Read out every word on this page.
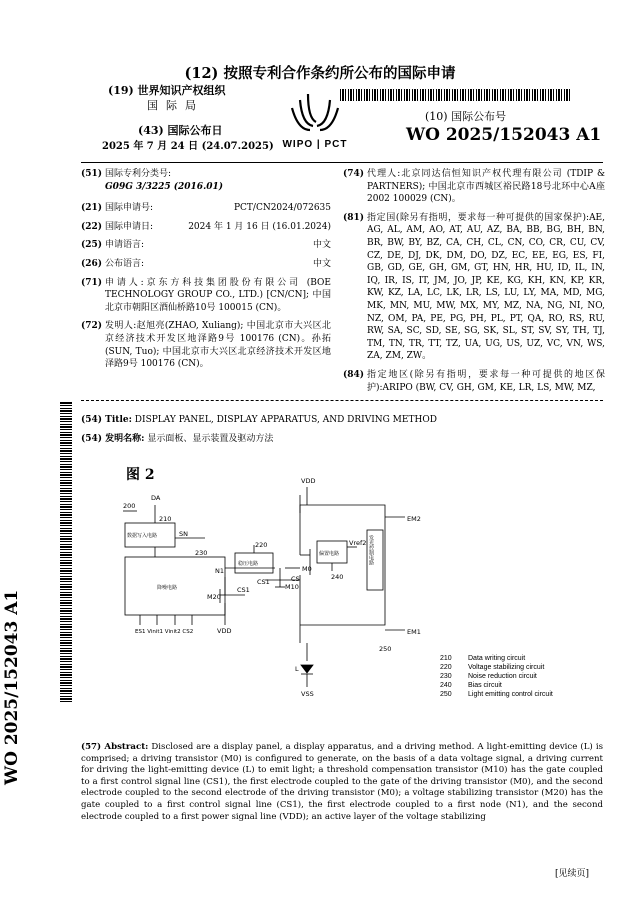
(12) 按照专利合作条约所公布的国际申请
(19) 世界知识产权组织
国际局
(43) 国际公布日
2025 年 7 月 24 日 (24.07.2025) WIPO | PCT
(10) 国际公布号
WO 2025/152043 A1
(51) 国际专利分类号:
G09G 3/3225 (2016.01)
(21) 国际申请号:	PCT/CN2024/072635
(22) 国际申请日:	2024 年 1 月 16 日 (16.01.2024)
(25) 申请语言:	中文
(26) 公布语言:	中文
(71) 申请人:京东方科技集团股份有限公司 (BOE TECHNOLOGY GROUP CO., LTD.) [CN/CN]; 中国北京市朝阳区酒仙桥路10号 100015 (CN)。
(72) 发明人:赵旭亮(ZHAO, Xuliang); 中国北京市大兴区北京经济技术开发区地泽路9号 100176 (CN)。孙拓(SUN, Tuo); 中国北京市大兴区北京经济技术开发区地泽路9号 100176 (CN)。
(74) 代理人:北京同达信恒知识产权代理有限公司 (TDIP & PARTNERS); 中国北京市西城区裕民路18号北环中心A座2002 100029 (CN)。
(81) 指定国(除另有指明，要求每一种可提供的国家保护):AE, AG, AL, AM, AO, AT, AU, AZ, BA, BB, BG, BH, BN, BR, BW, BY, BZ, CA, CH, CL, CN, CO, CR, CU, CV, CZ, DE, DJ, DK, DM, DO, DZ, EC, EE, EG, ES, FI, GB, GD, GE, GH, GM, GT, HN, HR, HU, ID, IL, IN, IQ, IR, IS, IT, JM, JO, JP, KE, KG, KH, KN, KP, KR, KW, KZ, LA, LC, LK, LR, LS, LU, LY, MA, MD, MG, MK, MN, MU, MW, MX, MY, MZ, NA, NG, NI, NO, NZ, OM, PA, PE, PG, PH, PL, PT, QA, RO, RS, RU, RW, SA, SC, SD, SE, SG, SK, SL, ST, SV, SY, TH, TJ, TM, TN, TR, TT, TZ, UA, UG, US, UZ, VC, VN, WS, ZA, ZM, ZW。
(84) 指定地区(除另有指明，要求每一种可提供的地区保护):ARIPO (BW, CV, GH, GM, KE, LR, LS, MW, MZ,
(54) Title: DISPLAY PANEL, DISPLAY APPARATUS, AND DRIVING METHOD
(54) 发明名称: 显示面板、显示装置及驱动方法
WO 2025/152043 A1
图 2
200
DA
VDD
SN
数据写入电路
210
230
降噪电路
稳压电路
220
偏置电路
240
发光控制电路
250
N1	M0
CS
CS1
CS1	M10
M20
Vref2
EM2
EM1
L
VSS
VDD
ES1 Vinit1 Vinit2 CS2
210 Data writing circuit
220 Voltage stabilizing circuit
230 Noise reduction circuit
240 Bias circuit
250 Light emitting control circuit
(57) Abstract: Disclosed are a display panel, a display apparatus, and a driving method. A light-emitting device (L) is comprised; a driving transistor (M0) is configured to generate, on the basis of a data voltage signal, a driving current for driving the light-emitting device (L) to emit light; a threshold compensation transistor (M10) has the gate coupled to a first control signal line (CS1), the first electrode coupled to the gate of the driving transistor (M0), and the second electrode coupled to the second electrode of the driving transistor (M0); a voltage stabilizing transistor (M20) has the gate coupled to a first control signal line (CS1), the first electrode coupled to a first node (N1), and the second electrode coupled to a first power signal line (VDD); an active layer of the voltage stabilizing
[见续页]
